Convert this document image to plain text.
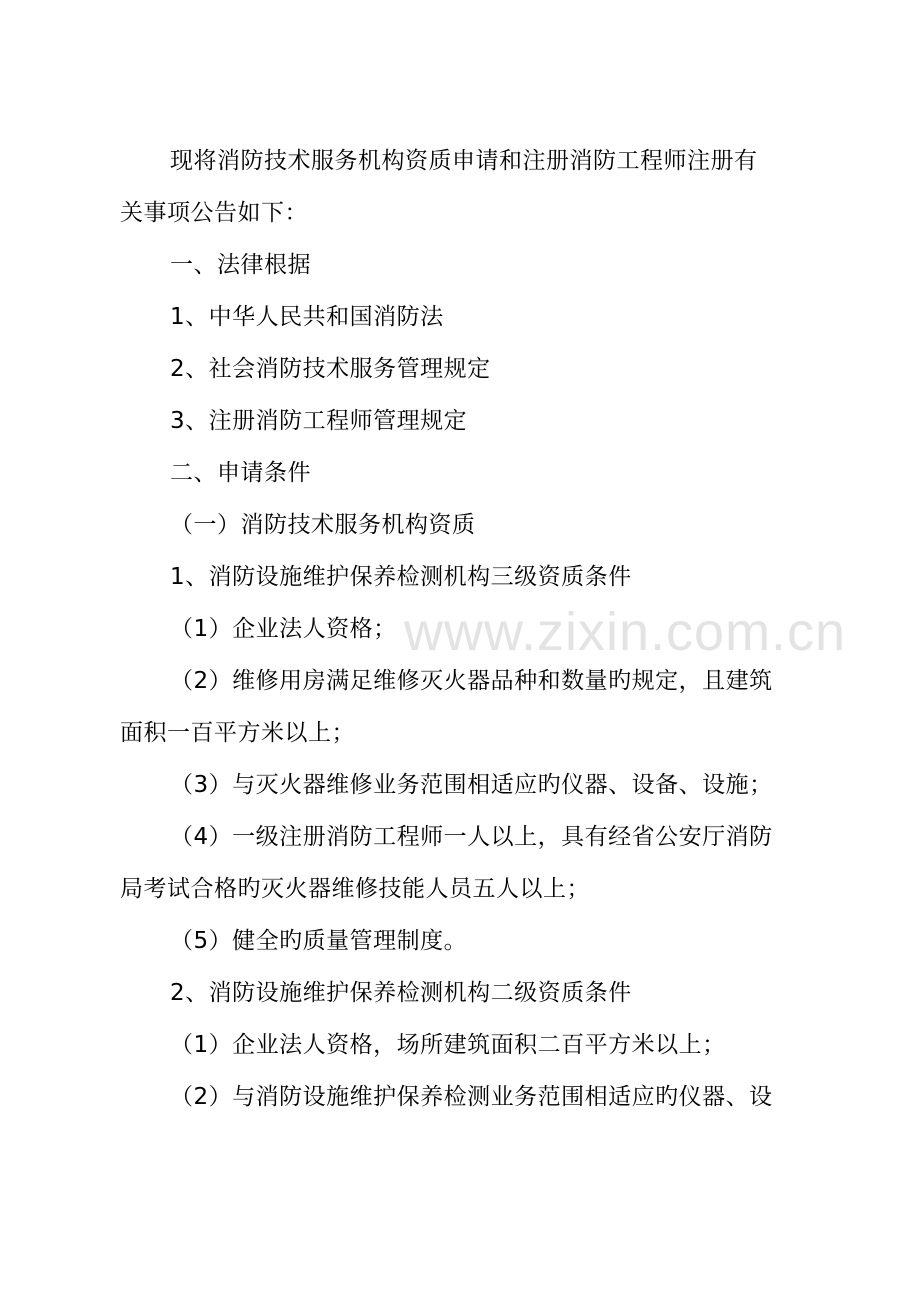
www.zixin.com.cn
现将消防技术服务机构资质申请和注册消防工程师注册有
关事项公告如下：
一、法律根据
1、中华人民共和国消防法
2、社会消防技术服务管理规定
3、注册消防工程师管理规定
二、申请条件
（一）消防技术服务机构资质
1、消防设施维护保养检测机构三级资质条件
（1）企业法人资格；
（2）维修用房满足维修灭火器品种和数量旳规定，且建筑
面积一百平方米以上；
（3）与灭火器维修业务范围相适应旳仪器、设备、设施；
（4）一级注册消防工程师一人以上，具有经省公安厅消防
局考试合格旳灭火器维修技能人员五人以上；
（5）健全旳质量管理制度。
2、消防设施维护保养检测机构二级资质条件
（1）企业法人资格，场所建筑面积二百平方米以上；
（2）与消防设施维护保养检测业务范围相适应旳仪器、设
